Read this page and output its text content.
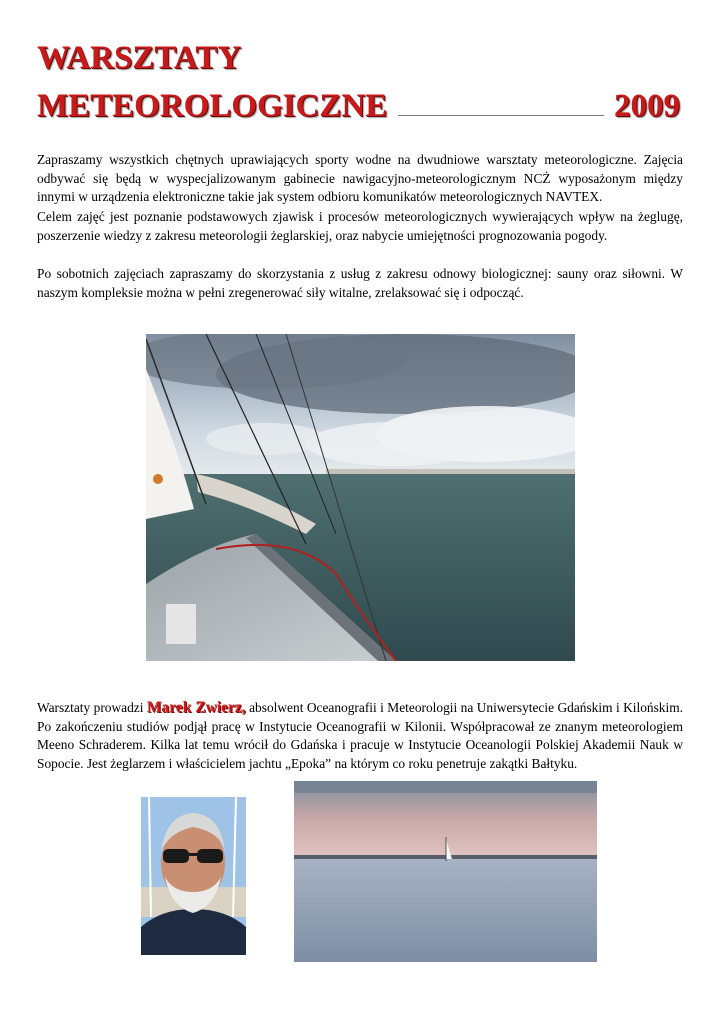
WARSZTATY
METEOROLOGICZNE	2009

Zapraszamy wszystkich chętnych uprawiających sporty wodne na dwudniowe warsztaty meteorologiczne. Zajęcia odbywać się będą w wyspecjalizowanym gabinecie nawigacyjno-meteorologicznym NCŻ wyposażonym między innymi w urządzenia elektroniczne takie jak system odbioru komunikatów meteorologicznych NAVTEX.

Celem zajęć jest poznanie podstawowych zjawisk i procesów meteorologicznych wywierających wpływ na żeglugę, poszerzenie wiedzy z zakresu meteorologii żeglarskiej, oraz nabycie umiejętności prognozowania pogody.

Po sobotnich zajęciach zapraszamy do skorzystania z usług z zakresu odnowy biologicznej: sauny oraz siłowni. W naszym kompleksie można w pełni zregenerować siły witalne, zrelaksować się i odpocząć.

Warsztaty prowadzi Marek Zwierz, absolwent Oceanografii i Meteorologii na Uniwersytecie Gdańskim i Kilońskim. Po zakończeniu studiów podjął pracę w Instytucie Oceanografii w Kilonii. Współpracował ze znanym meteorologiem Meeno Schraderem. Kilka lat temu wrócił do Gdańska i pracuje w Instytucie Oceanologii Polskiej Akademii Nauk w Sopocie. Jest żeglarzem i właścicielem jachtu „Epoka” na którym co roku penetruje zakątki Bałtyku.
